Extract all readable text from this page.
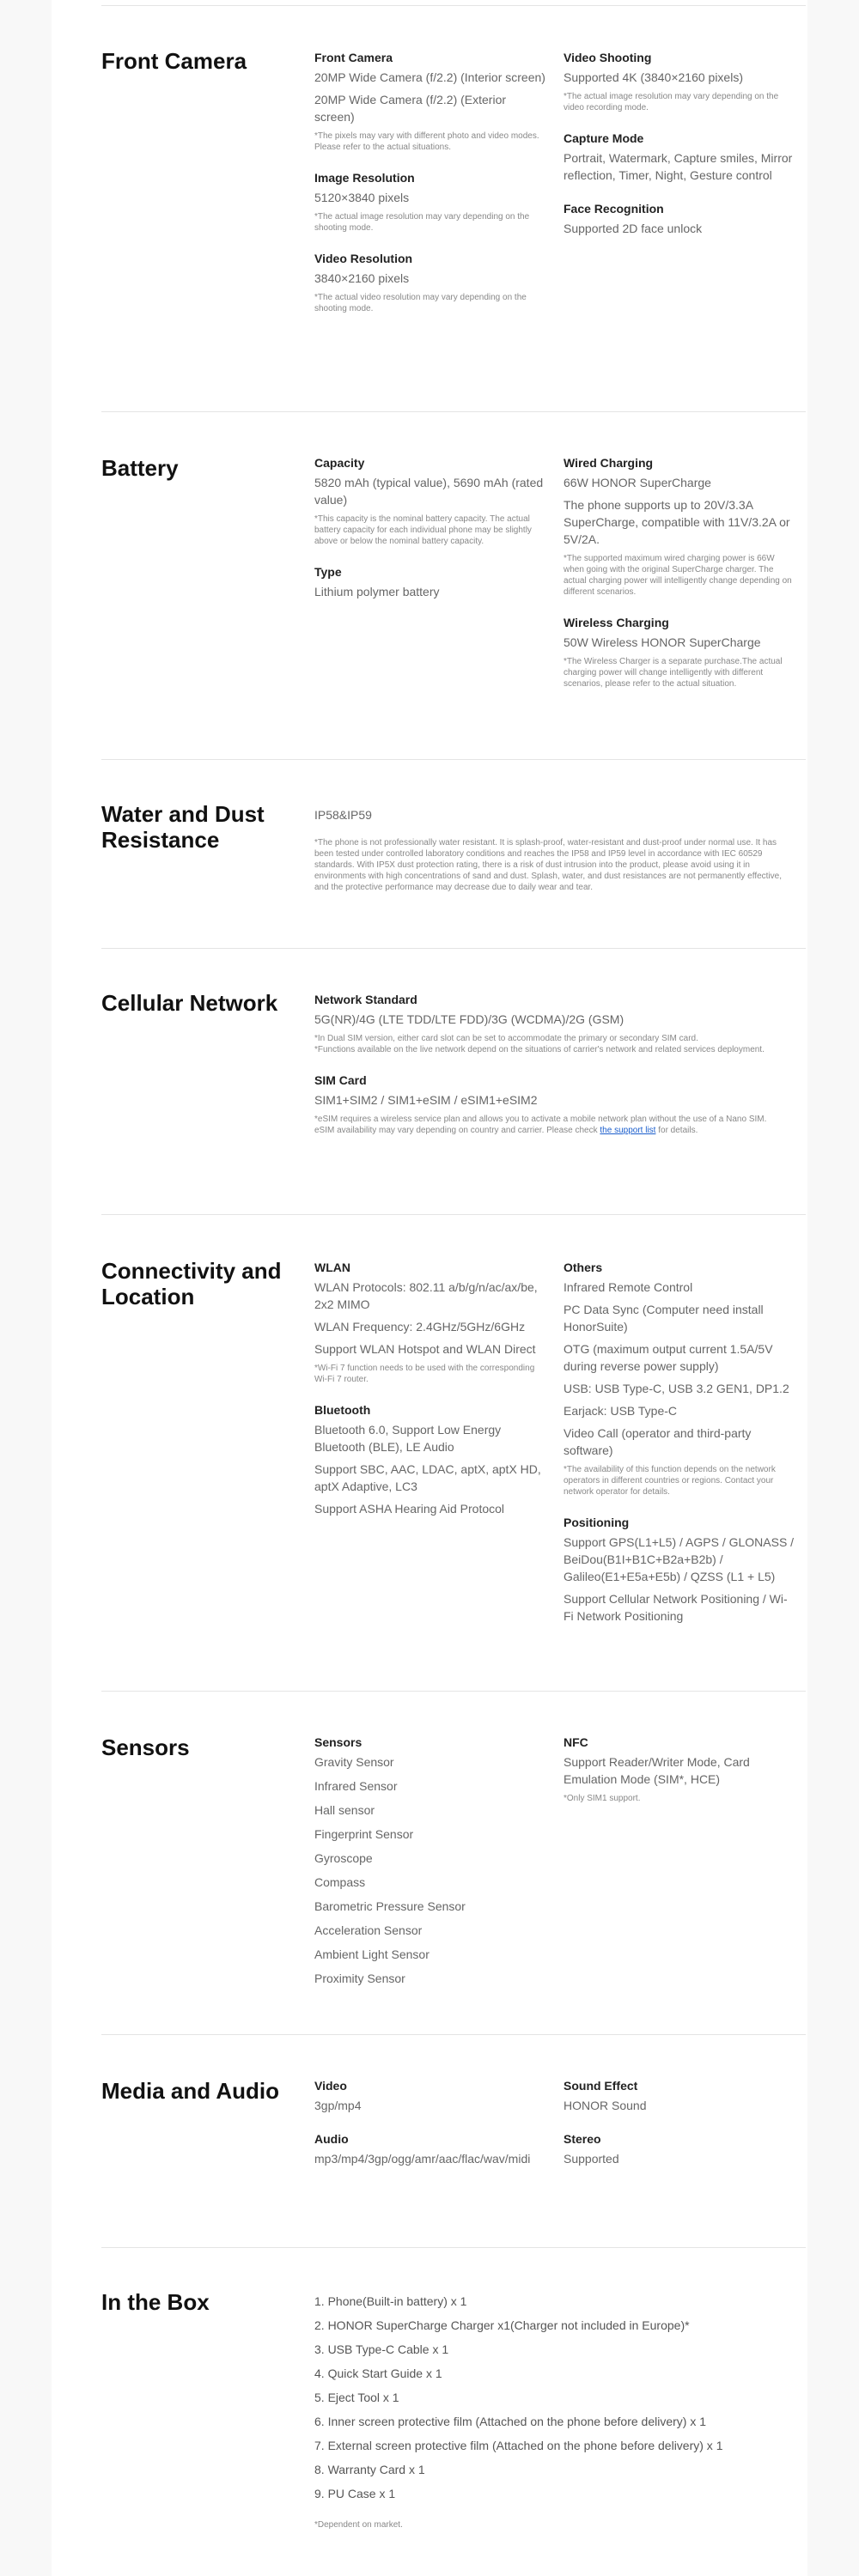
Front Camera	Front Camera

20MP Wide Camera (f/2.2) (Interior screen)

20MP Wide Camera (f/2.2) (Exterior screen)

*The pixels may vary with different photo and video modes. Please refer to the actual situations.

Image Resolution

5120×3840 pixels

*The actual image resolution may vary depending on the shooting mode.

Video Resolution

3840×2160 pixels

*The actual video resolution may vary depending on the shooting mode.

Video Shooting

Supported 4K (3840×2160 pixels)

*The actual image resolution may vary depending on the video recording mode.

Capture Mode

Portrait, Watermark, Capture smiles, Mirror reflection, Timer, Night, Gesture control

Face Recognition

Supported 2D face unlock

Battery	Capacity

5820 mAh (typical value), 5690 mAh (rated value)

*This capacity is the nominal battery capacity. The actual battery capacity for each individual phone may be slightly above or below the nominal battery capacity.

Type

Lithium polymer battery

Wired Charging

66W HONOR SuperCharge

The phone supports up to 20V/3.3A SuperCharge, compatible with 11V/3.2A or 5V/2A.

*The supported maximum wired charging power is 66W when going with the original SuperCharge charger. The actual charging power will intelligently change depending on different scenarios.

Wireless Charging

50W Wireless HONOR SuperCharge

*The Wireless Charger is a separate purchase.The actual charging power will change intelligently with different scenarios, please refer to the actual situation.

Water and Dust Resistance

IP58&IP59

*The phone is not professionally water resistant. It is splash-proof, water-resistant and dust-proof under normal use. It has been tested under controlled laboratory conditions and reaches the IP58 and IP59 level in accordance with IEC 60529 standards. With IP5X dust protection rating, there is a risk of dust intrusion into the product, please avoid using it in environments with high concentrations of sand and dust. Splash, water, and dust resistances are not permanently effective, and the protective performance may decrease due to daily wear and tear.

Cellular Network	Network Standard

5G(NR)/4G (LTE TDD/LTE FDD)/3G (WCDMA)/2G (GSM)

*In Dual SIM version, either card slot can be set to accommodate the primary or secondary SIM card.

*Functions available on the live network depend on the situations of carrier's network and related services deployment.

SIM Card

SIM1+SIM2 / SIM1+eSIM / eSIM1+eSIM2

*eSIM requires a wireless service plan and allows you to activate a mobile network plan without the use of a Nano SIM. eSIM availability may vary depending on country and carrier. Please check the support list for details.

Connectivity and Location

WLAN

WLAN Protocols: 802.11 a/b/g/n/ac/ax/be, 2x2 MIMO

WLAN Frequency: 2.4GHz/5GHz/6GHz

Support WLAN Hotspot and WLAN Direct

*Wi-Fi 7 function needs to be used with the corresponding Wi-Fi 7 router.

Bluetooth

Bluetooth 6.0, Support Low Energy Bluetooth (BLE), LE Audio

Support SBC, AAC, LDAC, aptX, aptX HD, aptX Adaptive, LC3

Support ASHA Hearing Aid Protocol

Others

Infrared Remote Control

PC Data Sync (Computer need install HonorSuite)

OTG (maximum output current 1.5A/5V during reverse power supply)

USB: USB Type-C, USB 3.2 GEN1, DP1.2

Earjack: USB Type-C

Video Call (operator and third-party software)

*The availability of this function depends on the network operators in different countries or regions. Contact your network operator for details.

Positioning

Support GPS(L1+L5) / AGPS / GLONASS / BeiDou(B1I+B1C+B2a+B2b) / Galileo(E1+E5a+E5b) / QZSS (L1 + L5)

Support Cellular Network Positioning / Wi-Fi Network Positioning

Sensors	Sensors

Gravity Sensor

Infrared Sensor

Hall sensor

Fingerprint Sensor

Gyroscope

Compass

Barometric Pressure Sensor

Acceleration Sensor

Ambient Light Sensor

Proximity Sensor

NFC

Support Reader/Writer Mode, Card Emulation Mode (SIM*, HCE)

*Only SIM1 support.

Media and Audio	Video

3gp/mp4

Audio

mp3/mp4/3gp/ogg/amr/aac/flac/wav/midi

Sound Effect

HONOR Sound

Stereo

Supported

In the Box	1. Phone(Built-in battery) x 1

2. HONOR SuperCharge Charger x1(Charger not included in Europe)*

3. USB Type-C Cable x 1

4. Quick Start Guide x 1

5. Eject Tool x 1

6. Inner screen protective film (Attached on the phone before delivery) x 1

7. External screen protective film (Attached on the phone before delivery) x 1

8. Warranty Card x 1

9. PU Case x 1

*Dependent on market.
